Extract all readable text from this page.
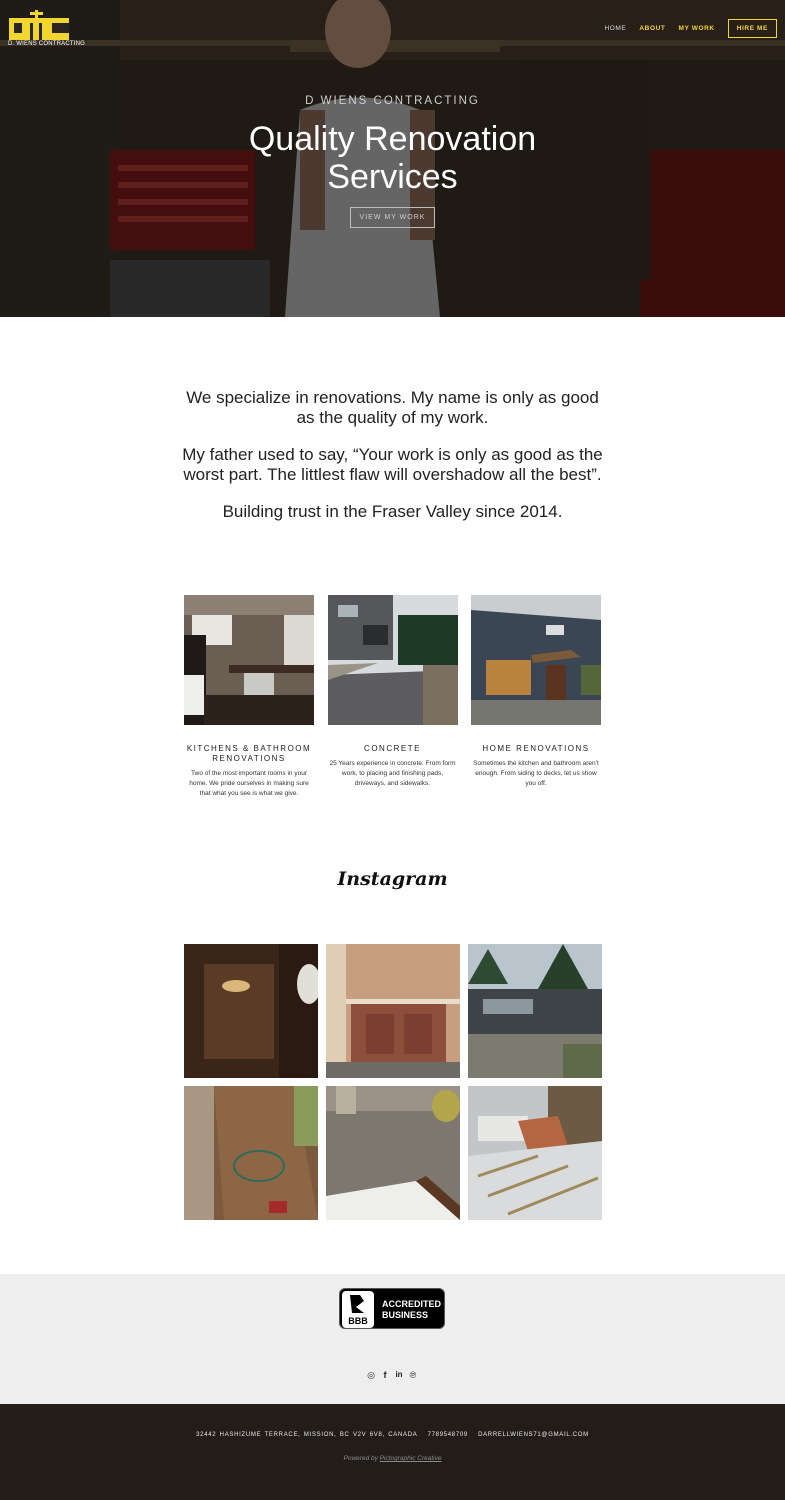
D. WIENS CONTRACTING
HOME ABOUT MY WORK	HIRE ME
D WIENS CONTRACTING
Quality Renovation
Services
VIEW MY WORK

We specialize in renovations. My name is only as good as the quality of my work.

My father used to say, “Your work is only as good as the worst part. The littlest flaw will overshadow all the best”.

Building trust in the Fraser Valley since 2014.

KITCHENS & BATHROOM RENOVATIONS

Two of the most important rooms in your home. We pride ourselves in making sure that what you see is what we give.

CONCRETE

25 Years experience in concrete. From form work, to placing and finishing pads, driveways, and sidewalks.

HOME RENOVATIONS

Sometimes the kitchen and bathroom aren’t enough. From siding to decks, let us show you off.

Instagram
BBB
ACCREDITED
BUSINESS
◎ f	in ℗
32442 HASHIZUME TERRACE, MISSION, BC V2V 6V8, CANADA 7789548709 DARRELLWIENS71@GMAIL.COM
Powered by Pictographic Creative
